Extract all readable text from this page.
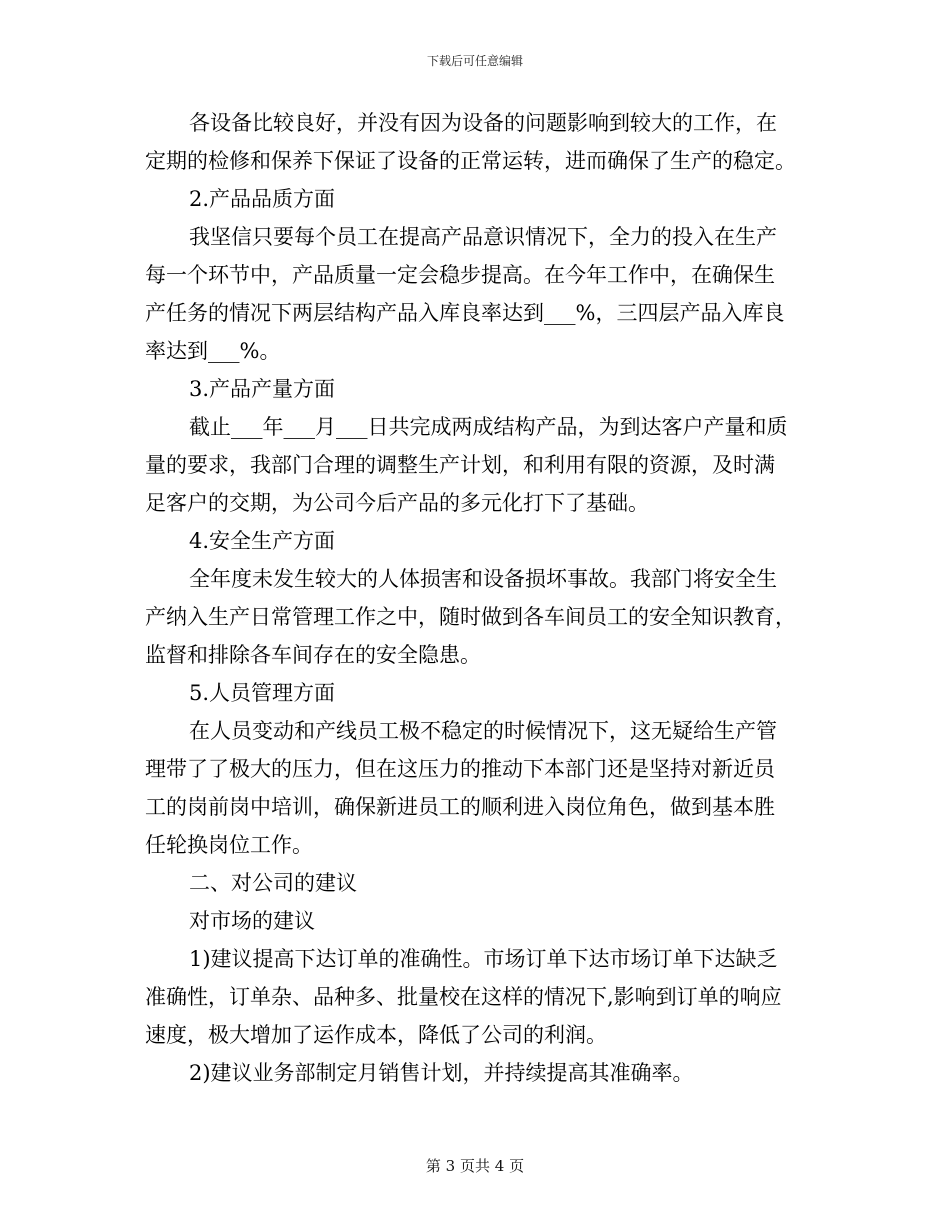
下载后可任意编辑
各设备比较良好，并没有因为设备的问题影响到较大的工作，在
定期的检修和保养下保证了设备的正常运转，进而确保了生产的稳定。
2.产品品质方面
我坚信只要每个员工在提高产品意识情况下，全力的投入在生产
每一个环节中，产品质量一定会稳步提高。在今年工作中，在确保生
产任务的情况下两层结构产品入库良率达到___%，三四层产品入库良
率达到___%。
3.产品产量方面
截止___年___月___日共完成两成结构产品，为到达客户产量和质
量的要求，我部门合理的调整生产计划，和利用有限的资源，及时满
足客户的交期，为公司今后产品的多元化打下了基础。
4.安全生产方面
全年度未发生较大的人体损害和设备损坏事故。我部门将安全生
产纳入生产日常管理工作之中，随时做到各车间员工的安全知识教育，
监督和排除各车间存在的安全隐患。
5.人员管理方面
在人员变动和产线员工极不稳定的时候情况下，这无疑给生产管
理带了了极大的压力，但在这压力的推动下本部门还是坚持对新近员
工的岗前岗中培训，确保新进员工的顺利进入岗位角色，做到基本胜
任轮换岗位工作。
二、对公司的建议
对市场的建议
1)建议提高下达订单的准确性。市场订单下达市场订单下达缺乏
准确性，订单杂、品种多、批量校在这样的情况下,影响到订单的响应
速度，极大增加了运作成本，降低了公司的利润。
2)建议业务部制定月销售计划，并持续提高其准确率。
第 3 页共 4 页
